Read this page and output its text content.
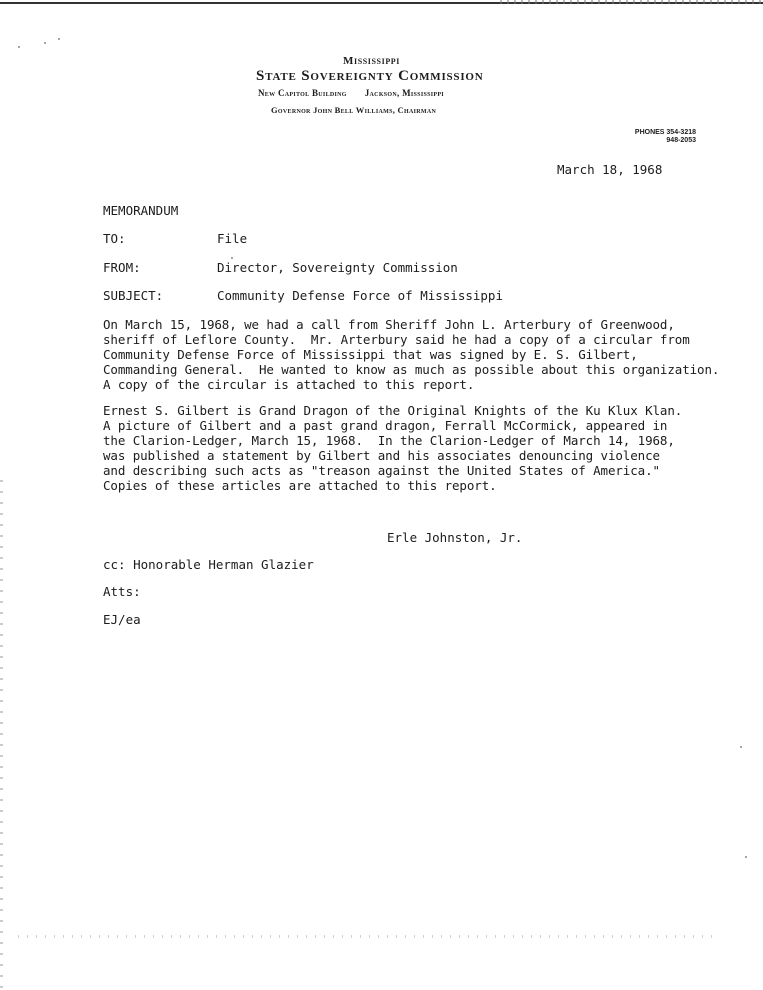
Mississippi
State Sovereignty Commission
New Capitol Building Jackson, Mississippi
Governor John Bell Williams, Chairman
PHONES 354-3218
948-2053
March 18, 1968
MEMORANDUM
TO:	File
FROM:	Director, Sovereignty Commission
SUBJECT:	Community Defense Force of Mississippi
On March 15, 1968, we had a call from Sheriff John L. Arterbury of Greenwood,
sheriff of Leflore County.  Mr. Arterbury said he had a copy of a circular from
Community Defense Force of Mississippi that was signed by E. S. Gilbert,
Commanding General.  He wanted to know as much as possible about this organization.
A copy of the circular is attached to this report.
Ernest S. Gilbert is Grand Dragon of the Original Knights of the Ku Klux Klan.
A picture of Gilbert and a past grand dragon, Ferrall McCormick, appeared in
the Clarion-Ledger, March 15, 1968.  In the Clarion-Ledger of March 14, 1968,
was published a statement by Gilbert and his associates denouncing violence
and describing such acts as "treason against the United States of America."
Copies of these articles are attached to this report.
Erle Johnston, Jr.
cc: Honorable Herman Glazier
Atts:
EJ/ea
